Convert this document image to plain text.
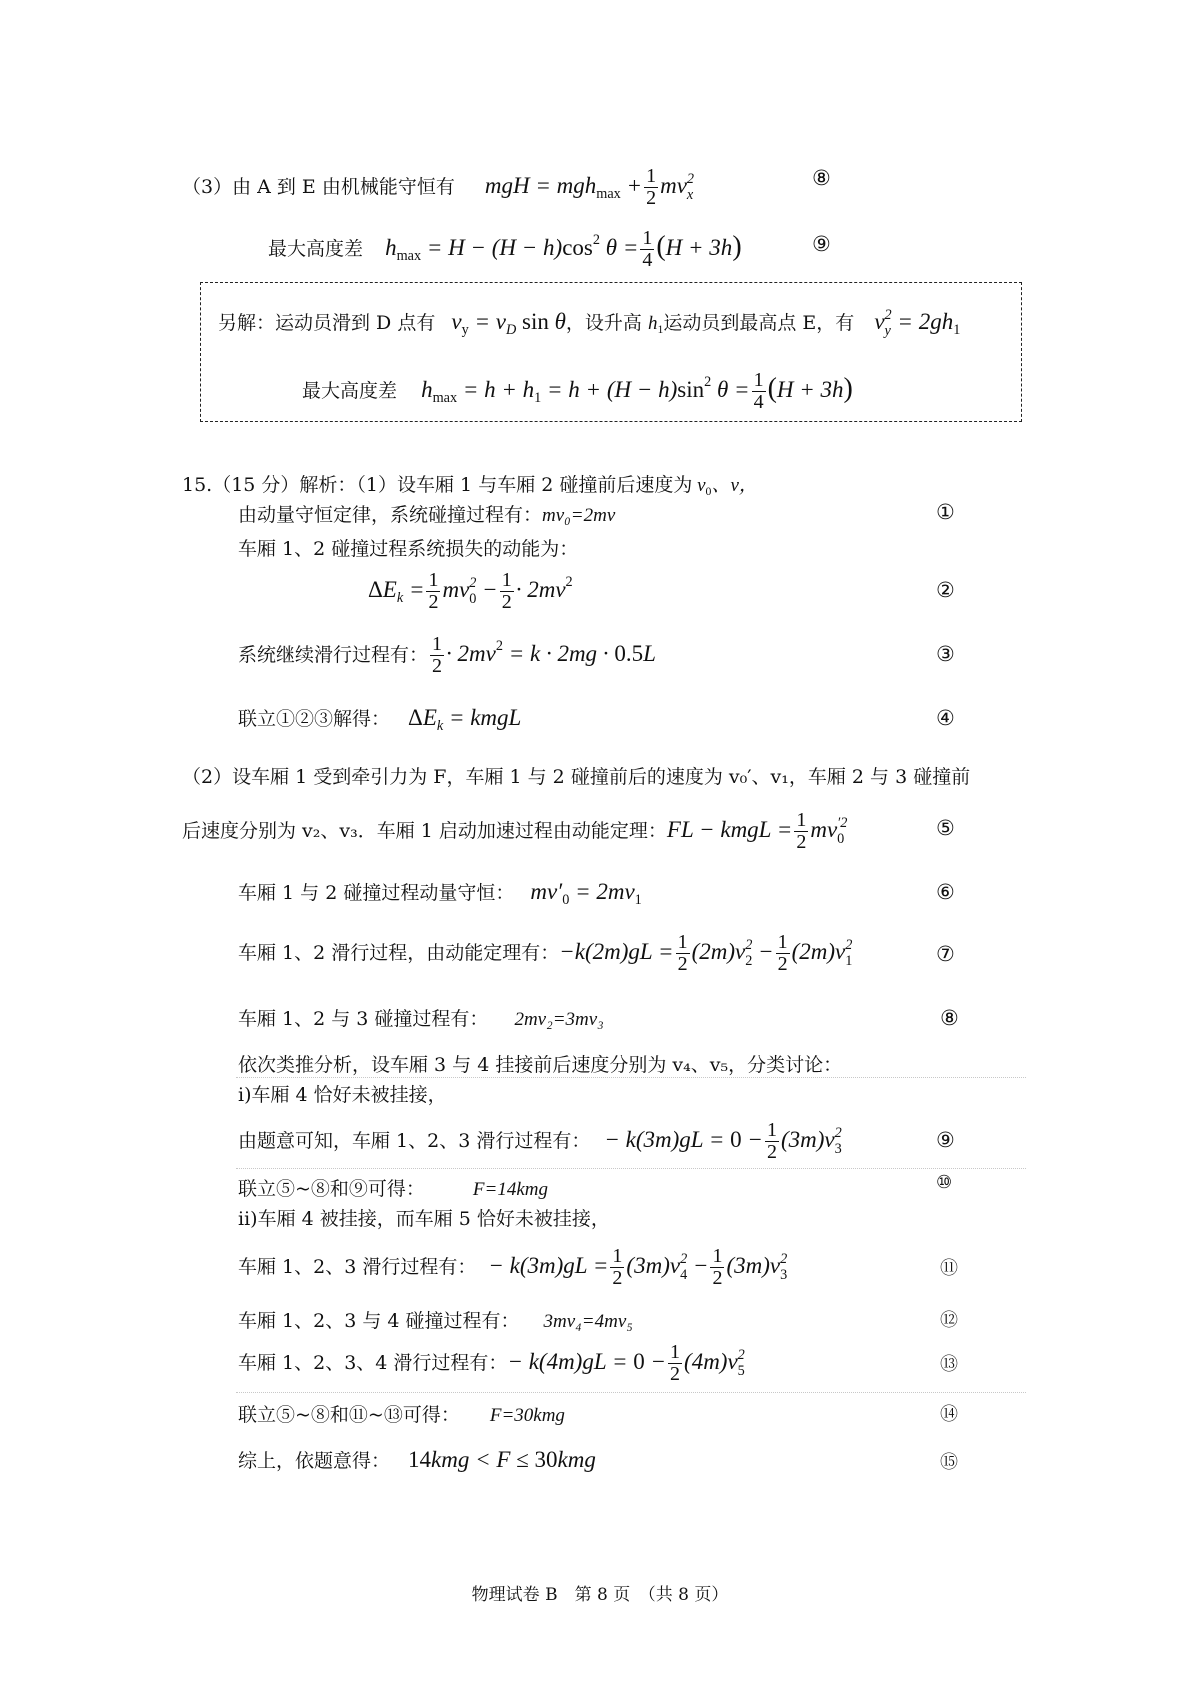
（3）由 A 到 E 由机械能守恒有 mgH = $mgh_{max} + \frac{1}{2}$ mv 2
x
⑧
最大高度差 $h_{max} = H - (H - h)\cos^2$ $\theta = \frac{1}{4} (H + 3h)$	⑨
另解：运动员滑到 D 点有 $v_y = v_D$ sin θ，设升高 $h_1$运动员到最高点 E，有 v 2
$y = 2gh_1$
最大高度差 $h_{max} = h + h_1 = h + (H - h)\sin^2$ $\theta = \frac{1}{4} (H + 3h)$
15.（15 分）解析：（1）设车厢 1 与车厢 2 碰撞前后速度为 $v_0$、v，
由动量守恒定律，系统碰撞过程有：mv₀=2mv	①
车厢 1、2 碰撞过程系统损失的动能为：
$\Delta E_k = \frac{1}{2}$ mv 2
$0 - \frac{1}{2} \cdot 2mv^2$	②
系统继续滑行过程有： $\frac{1}{2} \cdot 2mv^2 = k \cdot 2mg \cdot 0.5L$	③
联立①②③解得： $\Delta E_k$ = kmgL	④
（2）设车厢 1 受到牵引力为 F，车厢 1 与 2 碰撞前后的速度为 v₀′、v₁，车厢 2 与 3 碰撞前
后速度分别为 v₂、v₃．车厢 1 启动加速过程由动能定理：FL − kmgL = $\frac{1}{2}$ mv ′2
0	⑤
车厢 1 与 2 碰撞过程动量守恒： $mv'_0 = 2mv_1$	⑥
车厢 1、2 滑行过程，由动能定理有：$-k(2m)gL = \frac{1}{2} (2m)v$ 2
$2 - \frac{1}{2} (2m)v$ 2
1	⑦
车厢 1、2 与 3 碰撞过程有： 2mv₂=3mv₃	⑧
依次类推分析，设车厢 3 与 4 挂接前后速度分别为 v₄、v₅，分类讨论：
ⅰ)车厢 4 恰好未被挂接，
由题意可知，车厢 1、2、3 滑行过程有： − $k(3m)gL = 0 - \frac{1}{2} (3m)v$ 2
3	⑨
联立⑤~⑧和⑨可得：	F=14kmg	⑩
ⅱ)车厢 4 被挂接，而车厢 5 恰好未被挂接，
车厢 1、2、3 滑行过程有： − $k(3m)gL = \frac{1}{2} (3m)v$ 2
$4 - \frac{1}{2} (3m)v$ 2
3	⑪
车厢 1、2、3 与 4 碰撞过程有： 3mv₄=4mv₅	⑫
车厢 1、2、3、4 滑行过程有：− $k(4m)gL = 0 - \frac{1}{2} (4m)v$ 2
5	⑬
联立⑤~⑧和⑪~⑬可得： F=30kmg	⑭
综上，依题意得： 14kmg < F ≤ 30kmg	⑮
物理试卷 B　第 8 页　（共 8 页）
